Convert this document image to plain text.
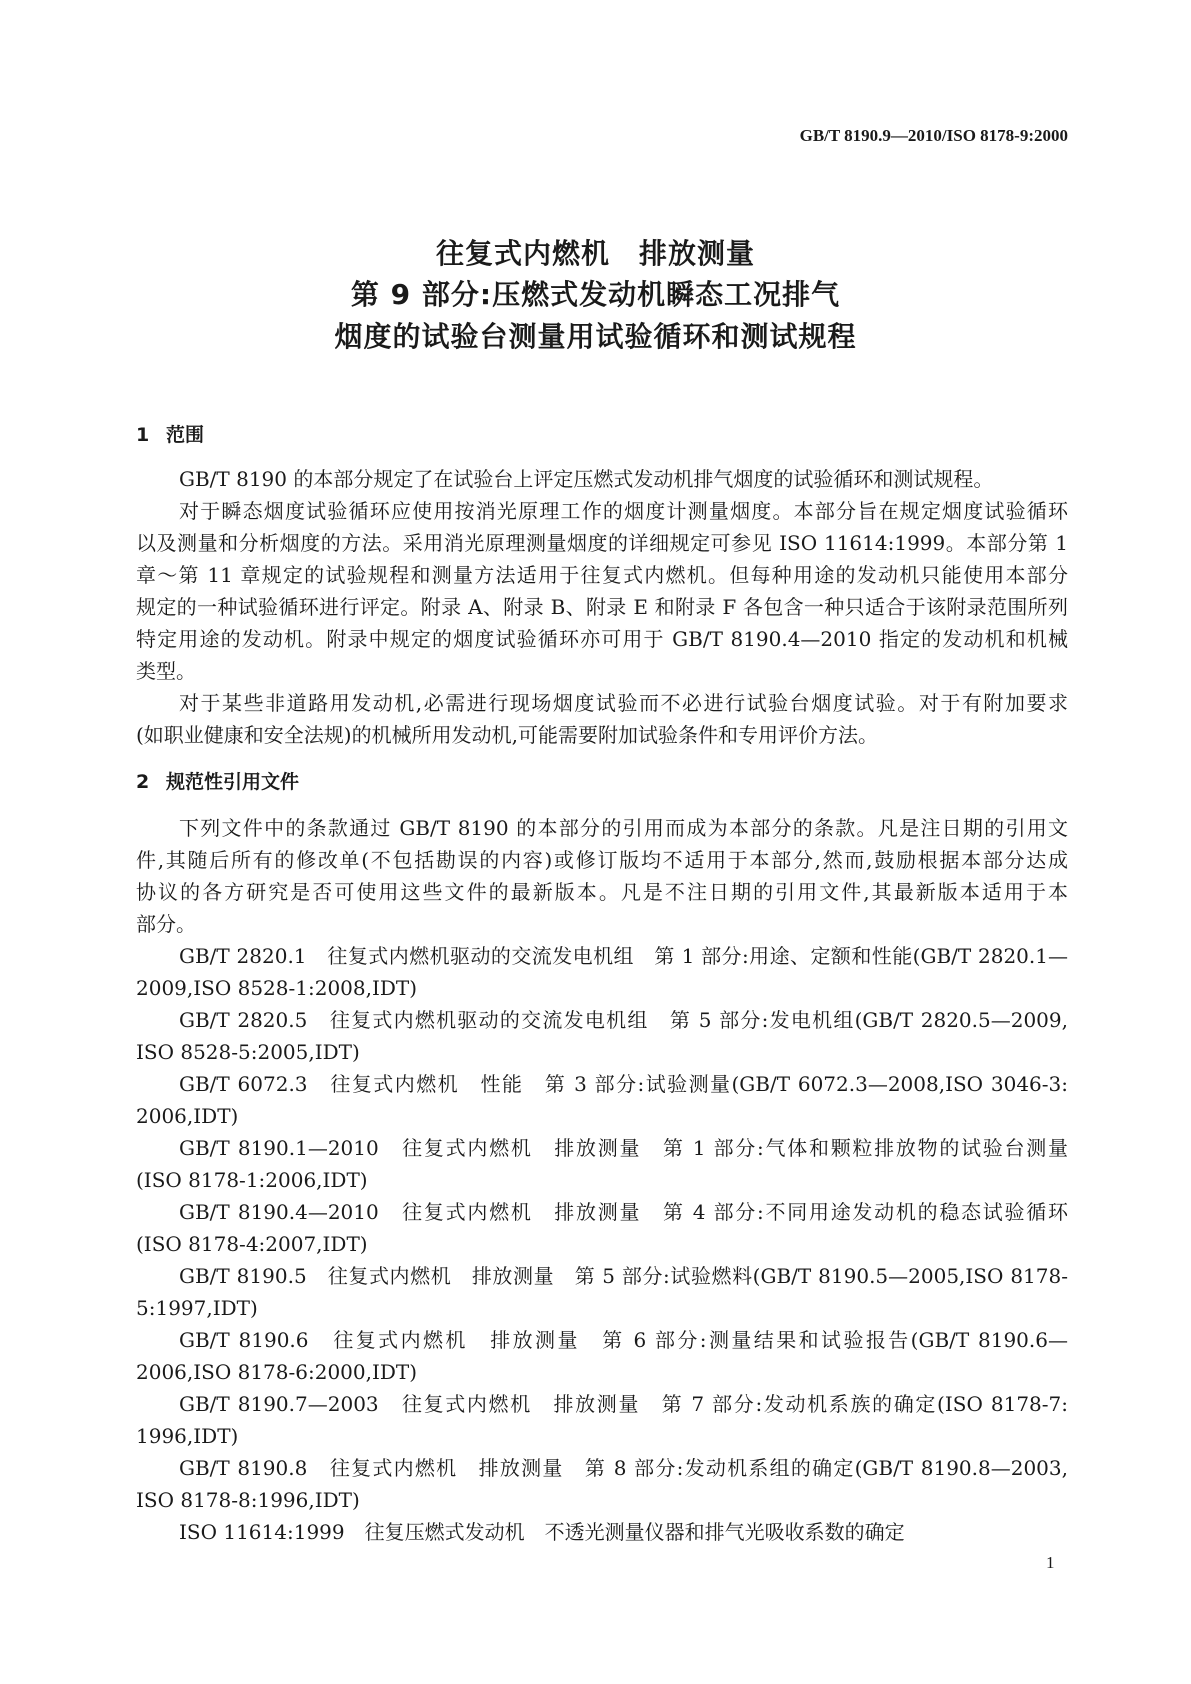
GB/T 8190.9—2010/ISO 8178-9:2000
往复式内燃机　排放测量
第 9 部分:压燃式发动机瞬态工况排气
烟度的试验台测量用试验循环和测试规程
1 范围
GB/T 8190 的本部分规定了在试验台上评定压燃式发动机排气烟度的试验循环和测试规程。
对于瞬态烟度试验循环应使用按消光原理工作的烟度计测量烟度。本部分旨在规定烟度试验循环
以及测量和分析烟度的方法。采用消光原理测量烟度的详细规定可参见 ISO 11614:1999。本部分第 1
章～第 11 章规定的试验规程和测量方法适用于往复式内燃机。但每种用途的发动机只能使用本部分
规定的一种试验循环进行评定。附录 A、附录 B、附录 E 和附录 F 各包含一种只适合于该附录范围所列
特定用途的发动机。附录中规定的烟度试验循环亦可用于 GB/T 8190.4—2010 指定的发动机和机械
类型。
对于某些非道路用发动机,必需进行现场烟度试验而不必进行试验台烟度试验。对于有附加要求
(如职业健康和安全法规)的机械所用发动机,可能需要附加试验条件和专用评价方法。
2 规范性引用文件
下列文件中的条款通过 GB/T 8190 的本部分的引用而成为本部分的条款。凡是注日期的引用文
件,其随后所有的修改单(不包括勘误的内容)或修订版均不适用于本部分,然而,鼓励根据本部分达成
协议的各方研究是否可使用这些文件的最新版本。凡是不注日期的引用文件,其最新版本适用于本
部分。
GB/T 2820.1　往复式内燃机驱动的交流发电机组　第 1 部分:用途、定额和性能(GB/T 2820.1—
2009,ISO 8528-1:2008,IDT)
GB/T 2820.5　往复式内燃机驱动的交流发电机组　第 5 部分:发电机组(GB/T 2820.5—2009,
ISO 8528-5:2005,IDT)
GB/T 6072.3　往复式内燃机　性能　第 3 部分:试验测量(GB/T 6072.3—2008,ISO 3046-3:
2006,IDT)
GB/T 8190.1—2010　往复式内燃机　排放测量　第 1 部分:气体和颗粒排放物的试验台测量
(ISO 8178-1:2006,IDT)
GB/T 8190.4—2010　往复式内燃机　排放测量　第 4 部分:不同用途发动机的稳态试验循环
(ISO 8178-4:2007,IDT)
GB/T 8190.5　往复式内燃机　排放测量　第 5 部分:试验燃料(GB/T 8190.5—2005,ISO 8178-
5:1997,IDT)
GB/T 8190.6　往复式内燃机　排放测量　第 6 部分:测量结果和试验报告(GB/T 8190.6—
2006,ISO 8178-6:2000,IDT)
GB/T 8190.7—2003　往复式内燃机　排放测量　第 7 部分:发动机系族的确定(ISO 8178-7:
1996,IDT)
GB/T 8190.8　往复式内燃机　排放测量　第 8 部分:发动机系组的确定(GB/T 8190.8—2003,
ISO 8178-8:1996,IDT)
ISO 11614:1999　往复压燃式发动机　不透光测量仪器和排气光吸收系数的确定
1
